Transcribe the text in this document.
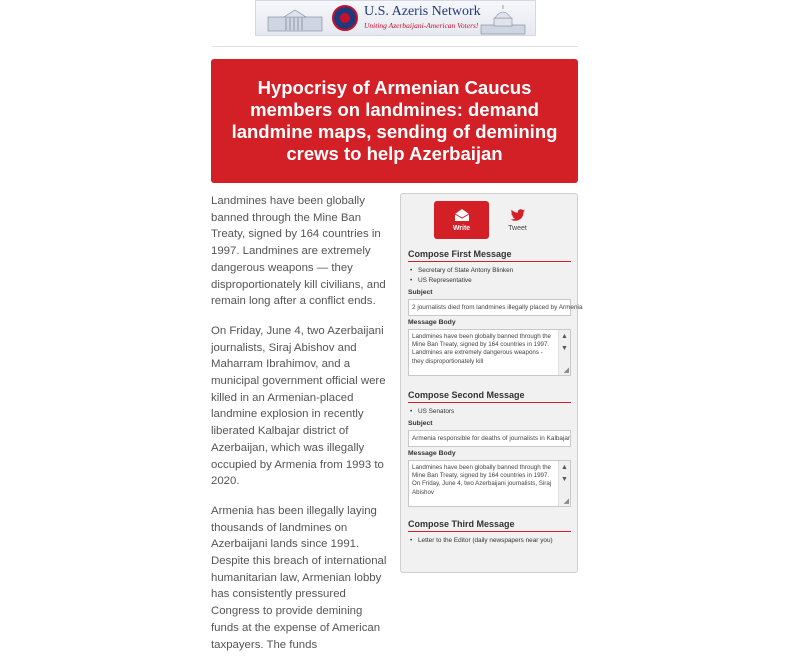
U.S. Azeris Network
Uniting Azerbaijani-American Voters!
Hypocrisy of Armenian Caucus members on landmines: demand landmine maps, sending of demining crews to help Azerbaijan

Landmines have been globally banned through the Mine Ban Treaty, signed by 164 countries in 1997. Landmines are extremely dangerous weapons — they disproportionately kill civilians, and remain long after a conflict ends.

On Friday, June 4, two Azerbaijani journalists, Siraj Abishov and Maharram Ibrahimov, and a municipal government official were killed in an Armenian-placed landmine explosion in recently liberated Kalbajar district of Azerbaijan, which was illegally occupied by Armenia from 1993 to 2020.

Armenia has been illegally laying thousands of landmines on Azerbaijani lands since 1991. Despite this breach of international humanitarian law, Armenian lobby has consistently pressured Congress to provide demining funds at the expense of American taxpayers. The funds

Write	Tweet
Compose First Message
• Secretary of State Antony Blinken
• US Representative
Subject
2 journalists died from landmines illegally placed by Armenia
Message Body
Landmines have been globally banned through the Mine Ban Treaty, signed by 164 countries in 1997. Landmines are extremely dangerous weapons - they disproportionately kill
▲
▼
◢
Compose Second Message
• US Senators
Subject
Armenia responsible for deaths of journalists in Kalbajar
Message Body
Landmines have been globally banned through the Mine Ban Treaty, signed by 164 countries in 1997. On Friday, June 4, two Azerbaijani journalists, Siraj Abishov
▲
▼
◢
Compose Third Message
• Letter to the Editor (daily newspapers near you)
